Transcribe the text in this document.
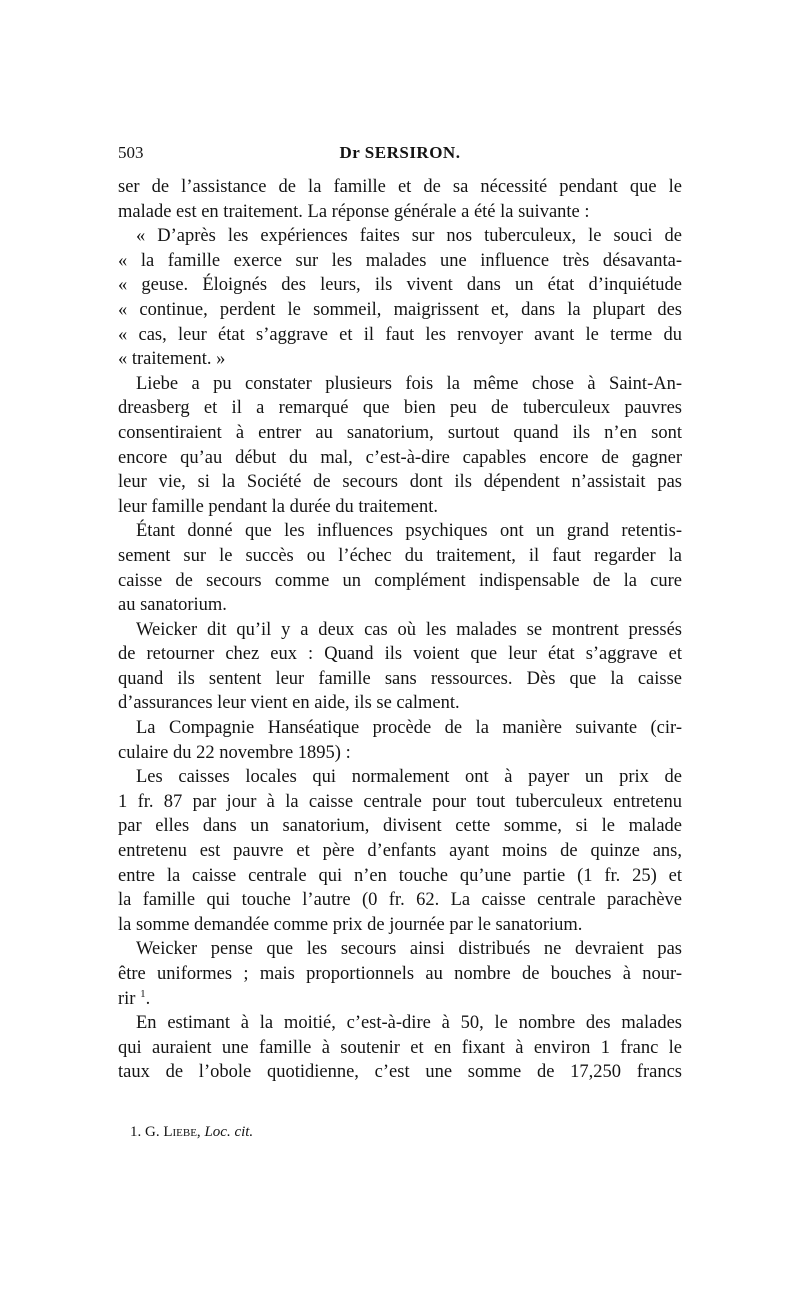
503	Dr SERSIRON.
ser de l’assistance de la famille et de sa nécessité pendant que le
malade est en traitement. La réponse générale a été la suivante :
« D’après les expériences faites sur nos tuberculeux, le souci de
« la famille exerce sur les malades une influence très désavanta-
« geuse. Éloignés des leurs, ils vivent dans un état d’inquiétude
« continue, perdent le sommeil, maigrissent et, dans la plupart des
« cas, leur état s’aggrave et il faut les renvoyer avant le terme du
« traitement. »
Liebe a pu constater plusieurs fois la même chose à Saint-An-
dreasberg et il a remarqué que bien peu de tuberculeux pauvres
consentiraient à entrer au sanatorium, surtout quand ils n’en sont
encore qu’au début du mal, c’est-à-dire capables encore de gagner
leur vie, si la Société de secours dont ils dépendent n’assistait pas
leur famille pendant la durée du traitement.
Étant donné que les influences psychiques ont un grand retentis-
sement sur le succès ou l’échec du traitement, il faut regarder la
caisse de secours comme un complément indispensable de la cure
au sanatorium.
Weicker dit qu’il y a deux cas où les malades se montrent pressés
de retourner chez eux : Quand ils voient que leur état s’aggrave et
quand ils sentent leur famille sans ressources. Dès que la caisse
d’assurances leur vient en aide, ils se calment.
La Compagnie Hanséatique procède de la manière suivante (cir-
culaire du 22 novembre 1895) :
Les caisses locales qui normalement ont à payer un prix de
1 fr. 87 par jour à la caisse centrale pour tout tuberculeux entretenu
par elles dans un sanatorium, divisent cette somme, si le malade
entretenu est pauvre et père d’enfants ayant moins de quinze ans,
entre la caisse centrale qui n’en touche qu’une partie (1 fr. 25) et
la famille qui touche l’autre (0 fr. 62. La caisse centrale parachève
la somme demandée comme prix de journée par le sanatorium.
Weicker pense que les secours ainsi distribués ne devraient pas
être uniformes ; mais proportionnels au nombre de bouches à nour-
rir $^1$.
En estimant à la moitié, c’est-à-dire à 50, le nombre des malades
qui auraient une famille à soutenir et en fixant à environ 1 franc le
taux de l’obole quotidienne, c’est une somme de 17,250 francs
1. G. Liebe, Loc. cit.
